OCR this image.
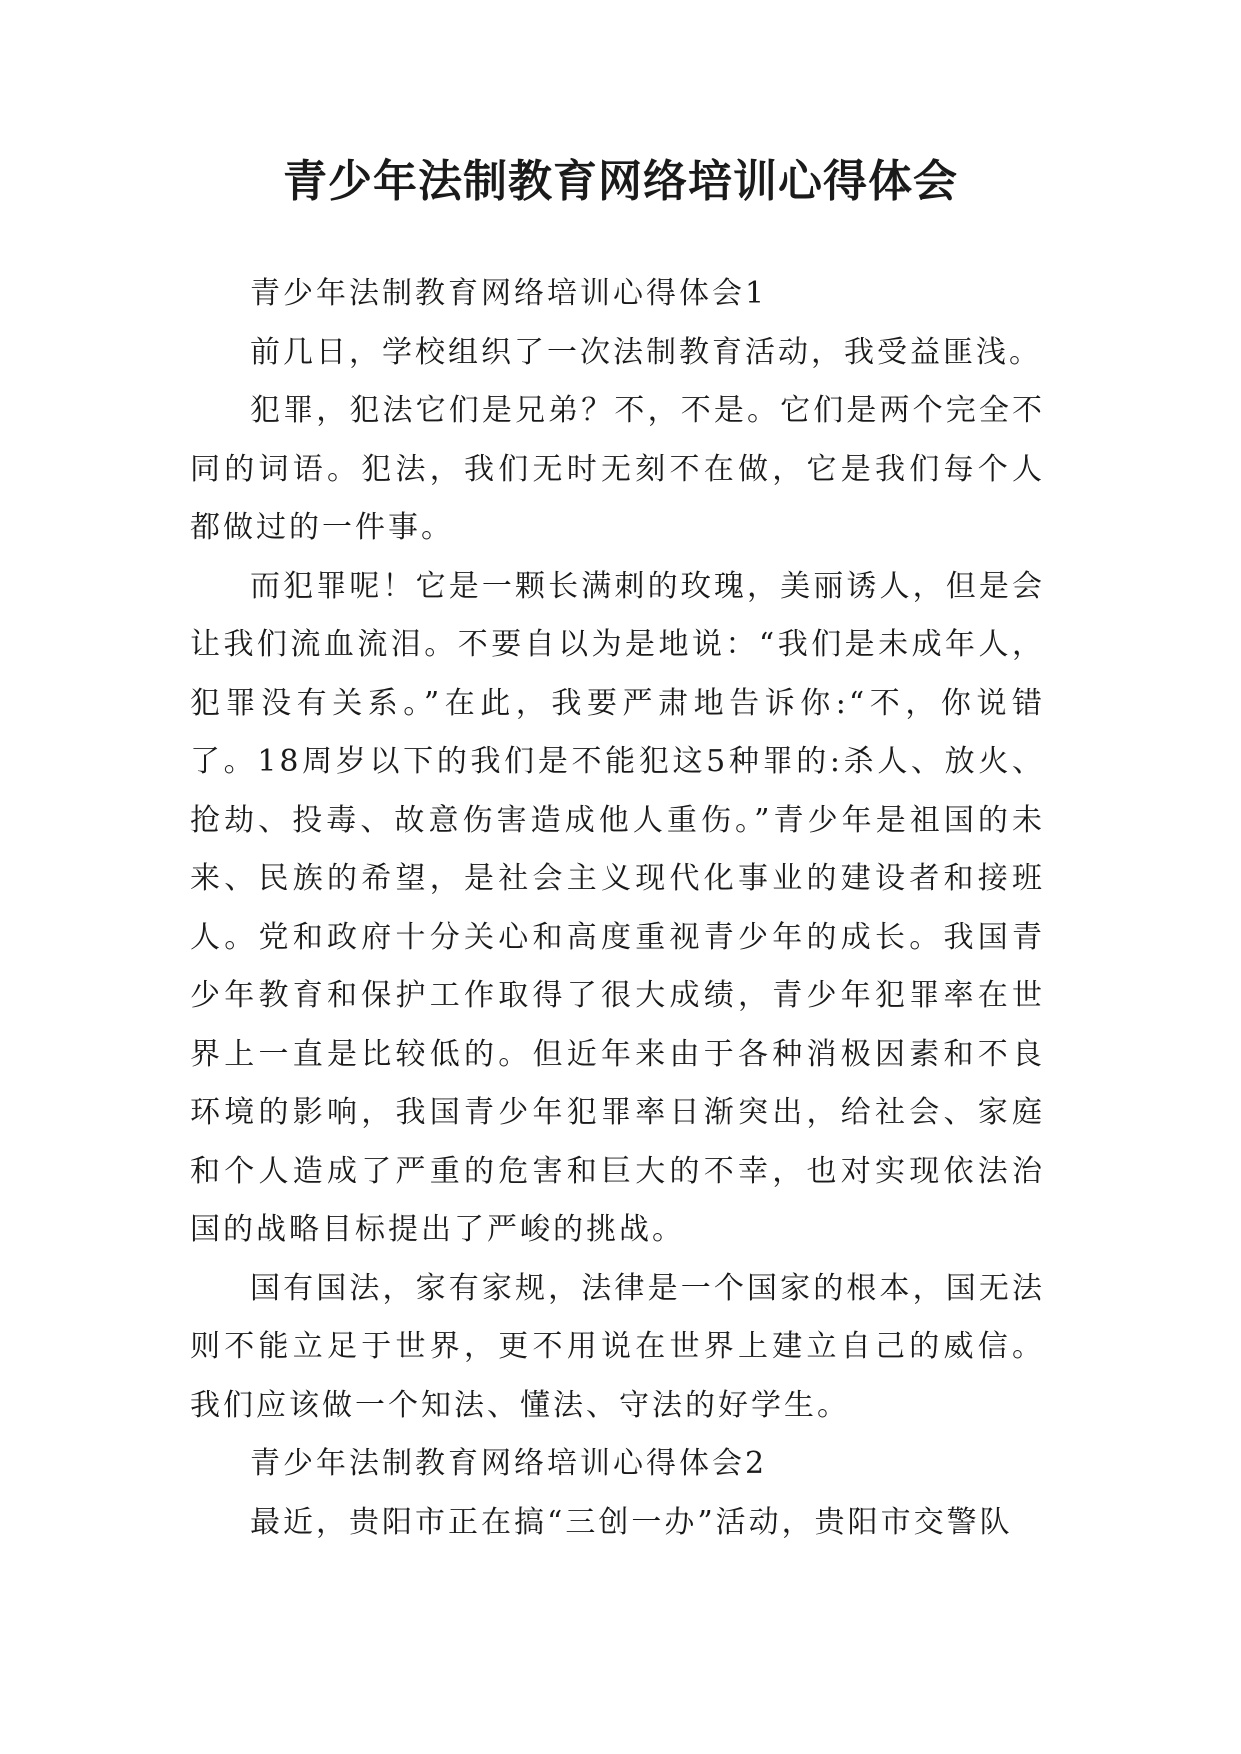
青少年法制教育网络培训心得体会

青少年法制教育网络培训心得体会1

前几日，学校组织了一次法制教育活动，我受益匪浅。

犯罪，犯法它们是兄弟？不，不是。它们是两个完全不同的词语。犯法，我们无时无刻不在做，它是我们每个人都做过的一件事。

而犯罪呢！它是一颗长满刺的玫瑰，美丽诱人，但是会让我们流血流泪。不要自以为是地说：“我们是未成年人，犯罪没有关系。”在此，我要严肃地告诉你:“不，你说错了。18周岁以下的我们是不能犯这5种罪的:杀人、放火、抢劫、投毒、故意伤害造成他人重伤。”青少年是祖国的未来、民族的希望，是社会主义现代化事业的建设者和接班人。党和政府十分关心和高度重视青少年的成长。我国青少年教育和保护工作取得了很大成绩，青少年犯罪率在世界上一直是比较低的。但近年来由于各种消极因素和不良环境的影响，我国青少年犯罪率日渐突出，给社会、家庭和个人造成了严重的危害和巨大的不幸，也对实现依法治国的战略目标提出了严峻的挑战。

国有国法，家有家规，法律是一个国家的根本，国无法则不能立足于世界，更不用说在世界上建立自己的威信。我们应该做一个知法、懂法、守法的好学生。

青少年法制教育网络培训心得体会2

最近，贵阳市正在搞“三创一办”活动，贵阳市交警队
